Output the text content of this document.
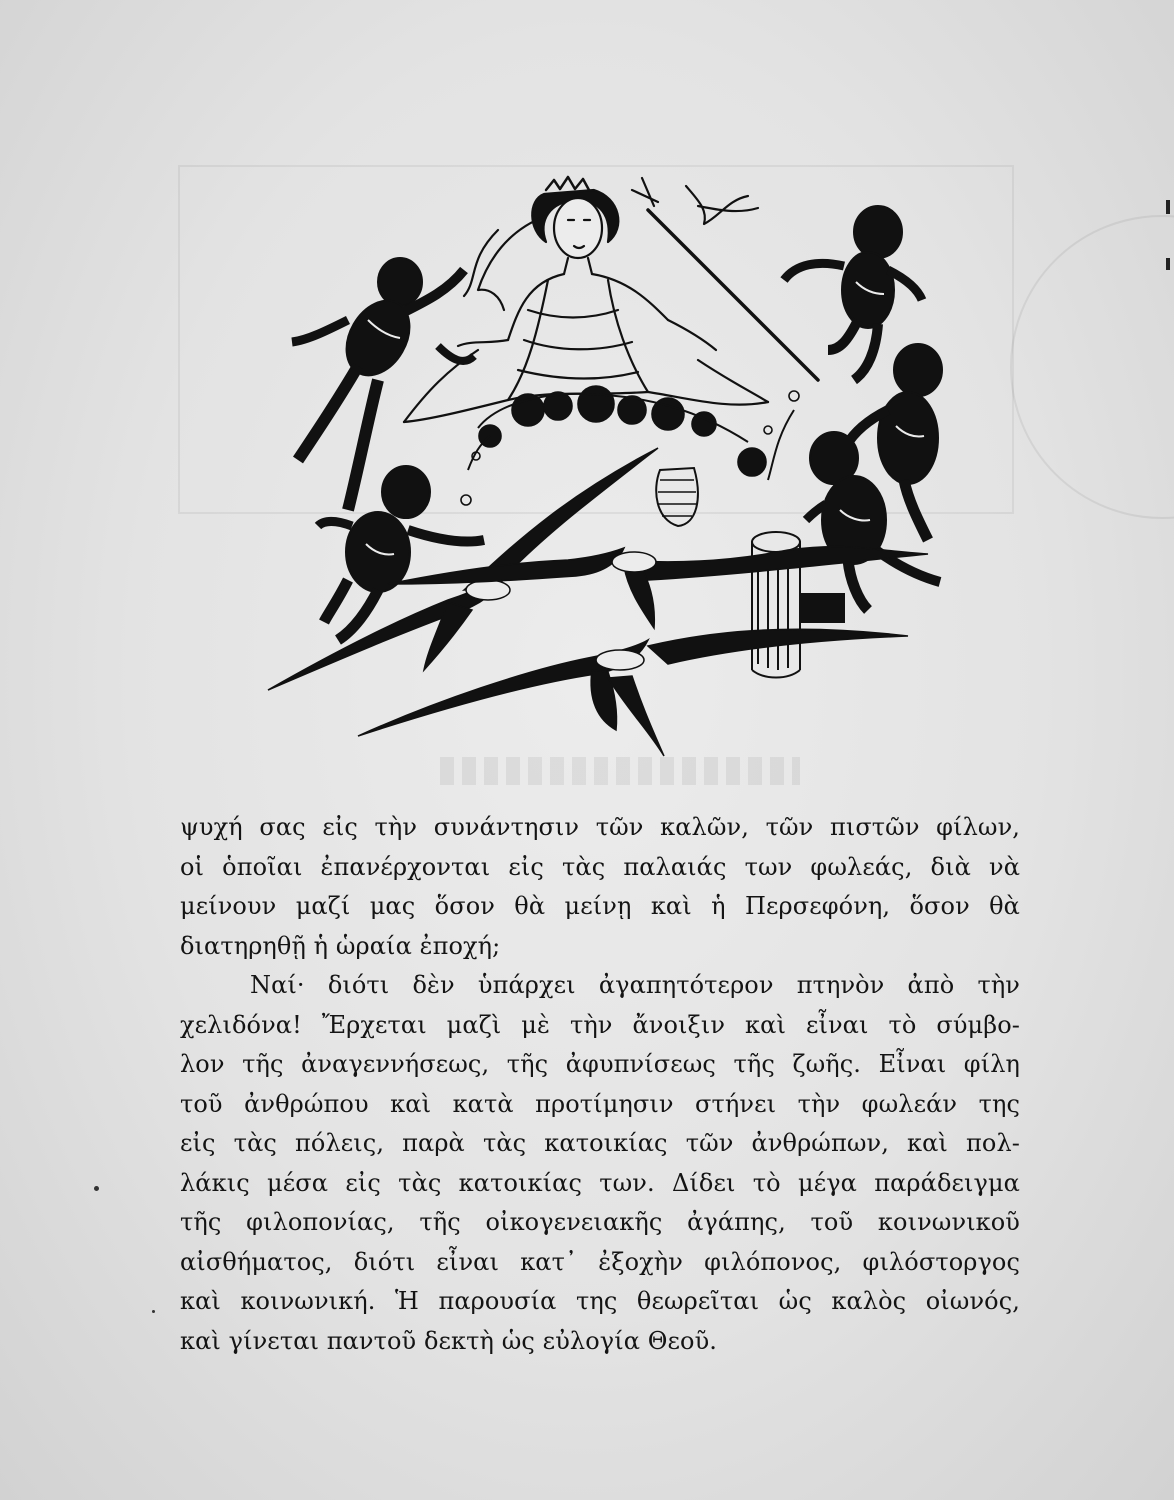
ψυχή σας εἰς τὴν συνάντησιν τῶν καλῶν, τῶν πιστῶν φίλων,
οἱ ὁποῖαι ἐπανέρχονται εἰς τὰς παλαιάς των φωλεάς, διὰ νὰ
μείνουν μαζί μας ὅσον θὰ μείνῃ καὶ ἡ Περσεφόνη, ὅσον θὰ
διατηρηθῇ ἡ ὡραία ἐποχή;
Ναί· διότι δὲν ὑπάρχει ἀγαπητότερον πτηνὸν ἀπὸ τὴν
χελιδόνα! Ἔρχεται μαζὶ μὲ τὴν ἄνοιξιν καὶ εἶναι τὸ σύμβο-
λον τῆς ἀναγεννήσεως, τῆς ἀφυπνίσεως τῆς ζωῆς. Εἶναι φίλη
τοῦ ἀνθρώπου καὶ κατὰ προτίμησιν στήνει τὴν φωλεάν της
εἰς τὰς πόλεις, παρὰ τὰς κατοικίας τῶν ἀνθρώπων, καὶ πολ-
λάκις μέσα εἰς τὰς κατοικίας των. Δίδει τὸ μέγα παράδειγμα
τῆς φιλοπονίας, τῆς οἰκογενειακῆς ἀγάπης, τοῦ κοινωνικοῦ
αἰσθήματος, διότι εἶναι κατ᾿ ἐξοχὴν φιλόπονος, φιλόστοργος
καὶ κοινωνική. Ἡ παρουσία της θεωρεῖται ὡς καλὸς οἰωνός,
καὶ γίνεται παντοῦ δεκτὴ ὡς εὐλογία Θεοῦ.
